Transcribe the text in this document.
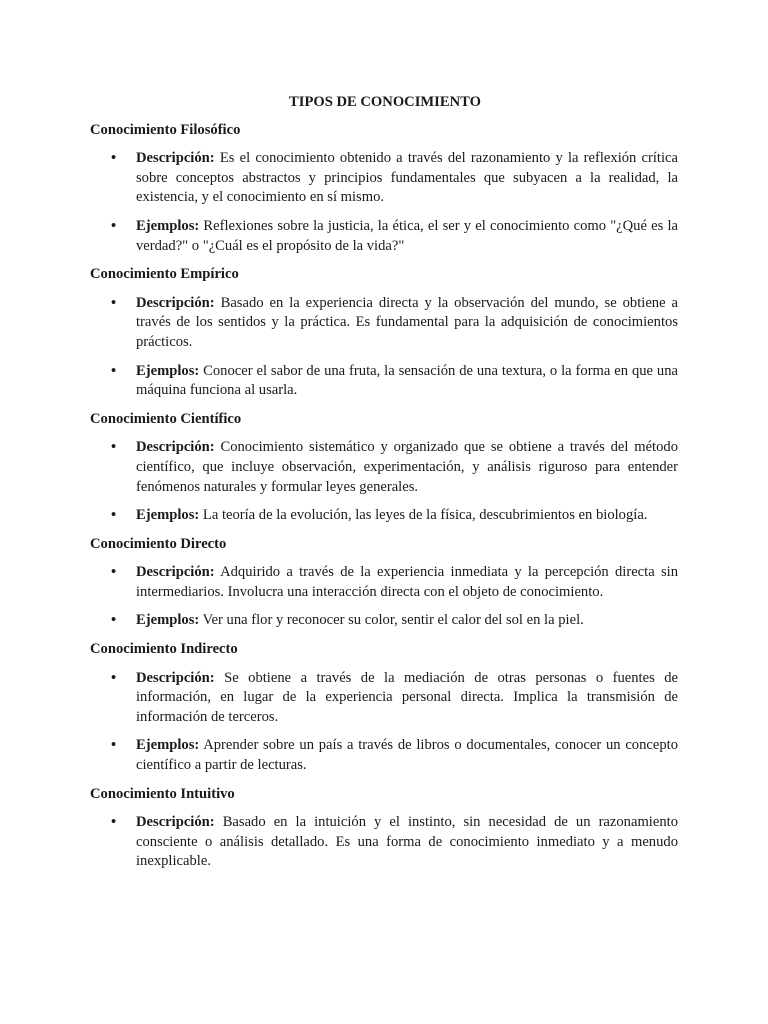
TIPOS DE CONOCIMIENTO
Conocimiento Filosófico
• Descripción: Es el conocimiento obtenido a través del razonamiento y la reflexión crítica sobre conceptos abstractos y principios fundamentales que subyacen a la realidad, la existencia, y el conocimiento en sí mismo.
• Ejemplos: Reflexiones sobre la justicia, la ética, el ser y el conocimiento como "¿Qué es la verdad?" o "¿Cuál es el propósito de la vida?"
Conocimiento Empírico
• Descripción: Basado en la experiencia directa y la observación del mundo, se obtiene a través de los sentidos y la práctica. Es fundamental para la adquisición de conocimientos prácticos.
• Ejemplos: Conocer el sabor de una fruta, la sensación de una textura, o la forma en que una máquina funciona al usarla.
Conocimiento Científico
• Descripción: Conocimiento sistemático y organizado que se obtiene a través del método científico, que incluye observación, experimentación, y análisis riguroso para entender fenómenos naturales y formular leyes generales.
• Ejemplos: La teoría de la evolución, las leyes de la física, descubrimientos en biología.
Conocimiento Directo
• Descripción: Adquirido a través de la experiencia inmediata y la percepción directa sin intermediarios. Involucra una interacción directa con el objeto de conocimiento.
• Ejemplos: Ver una flor y reconocer su color, sentir el calor del sol en la piel.
Conocimiento Indirecto
• Descripción: Se obtiene a través de la mediación de otras personas o fuentes de información, en lugar de la experiencia personal directa. Implica la transmisión de información de terceros.
• Ejemplos: Aprender sobre un país a través de libros o documentales, conocer un concepto científico a partir de lecturas.
Conocimiento Intuitivo
• Descripción: Basado en la intuición y el instinto, sin necesidad de un razonamiento consciente o análisis detallado. Es una forma de conocimiento inmediato y a menudo inexplicable.
